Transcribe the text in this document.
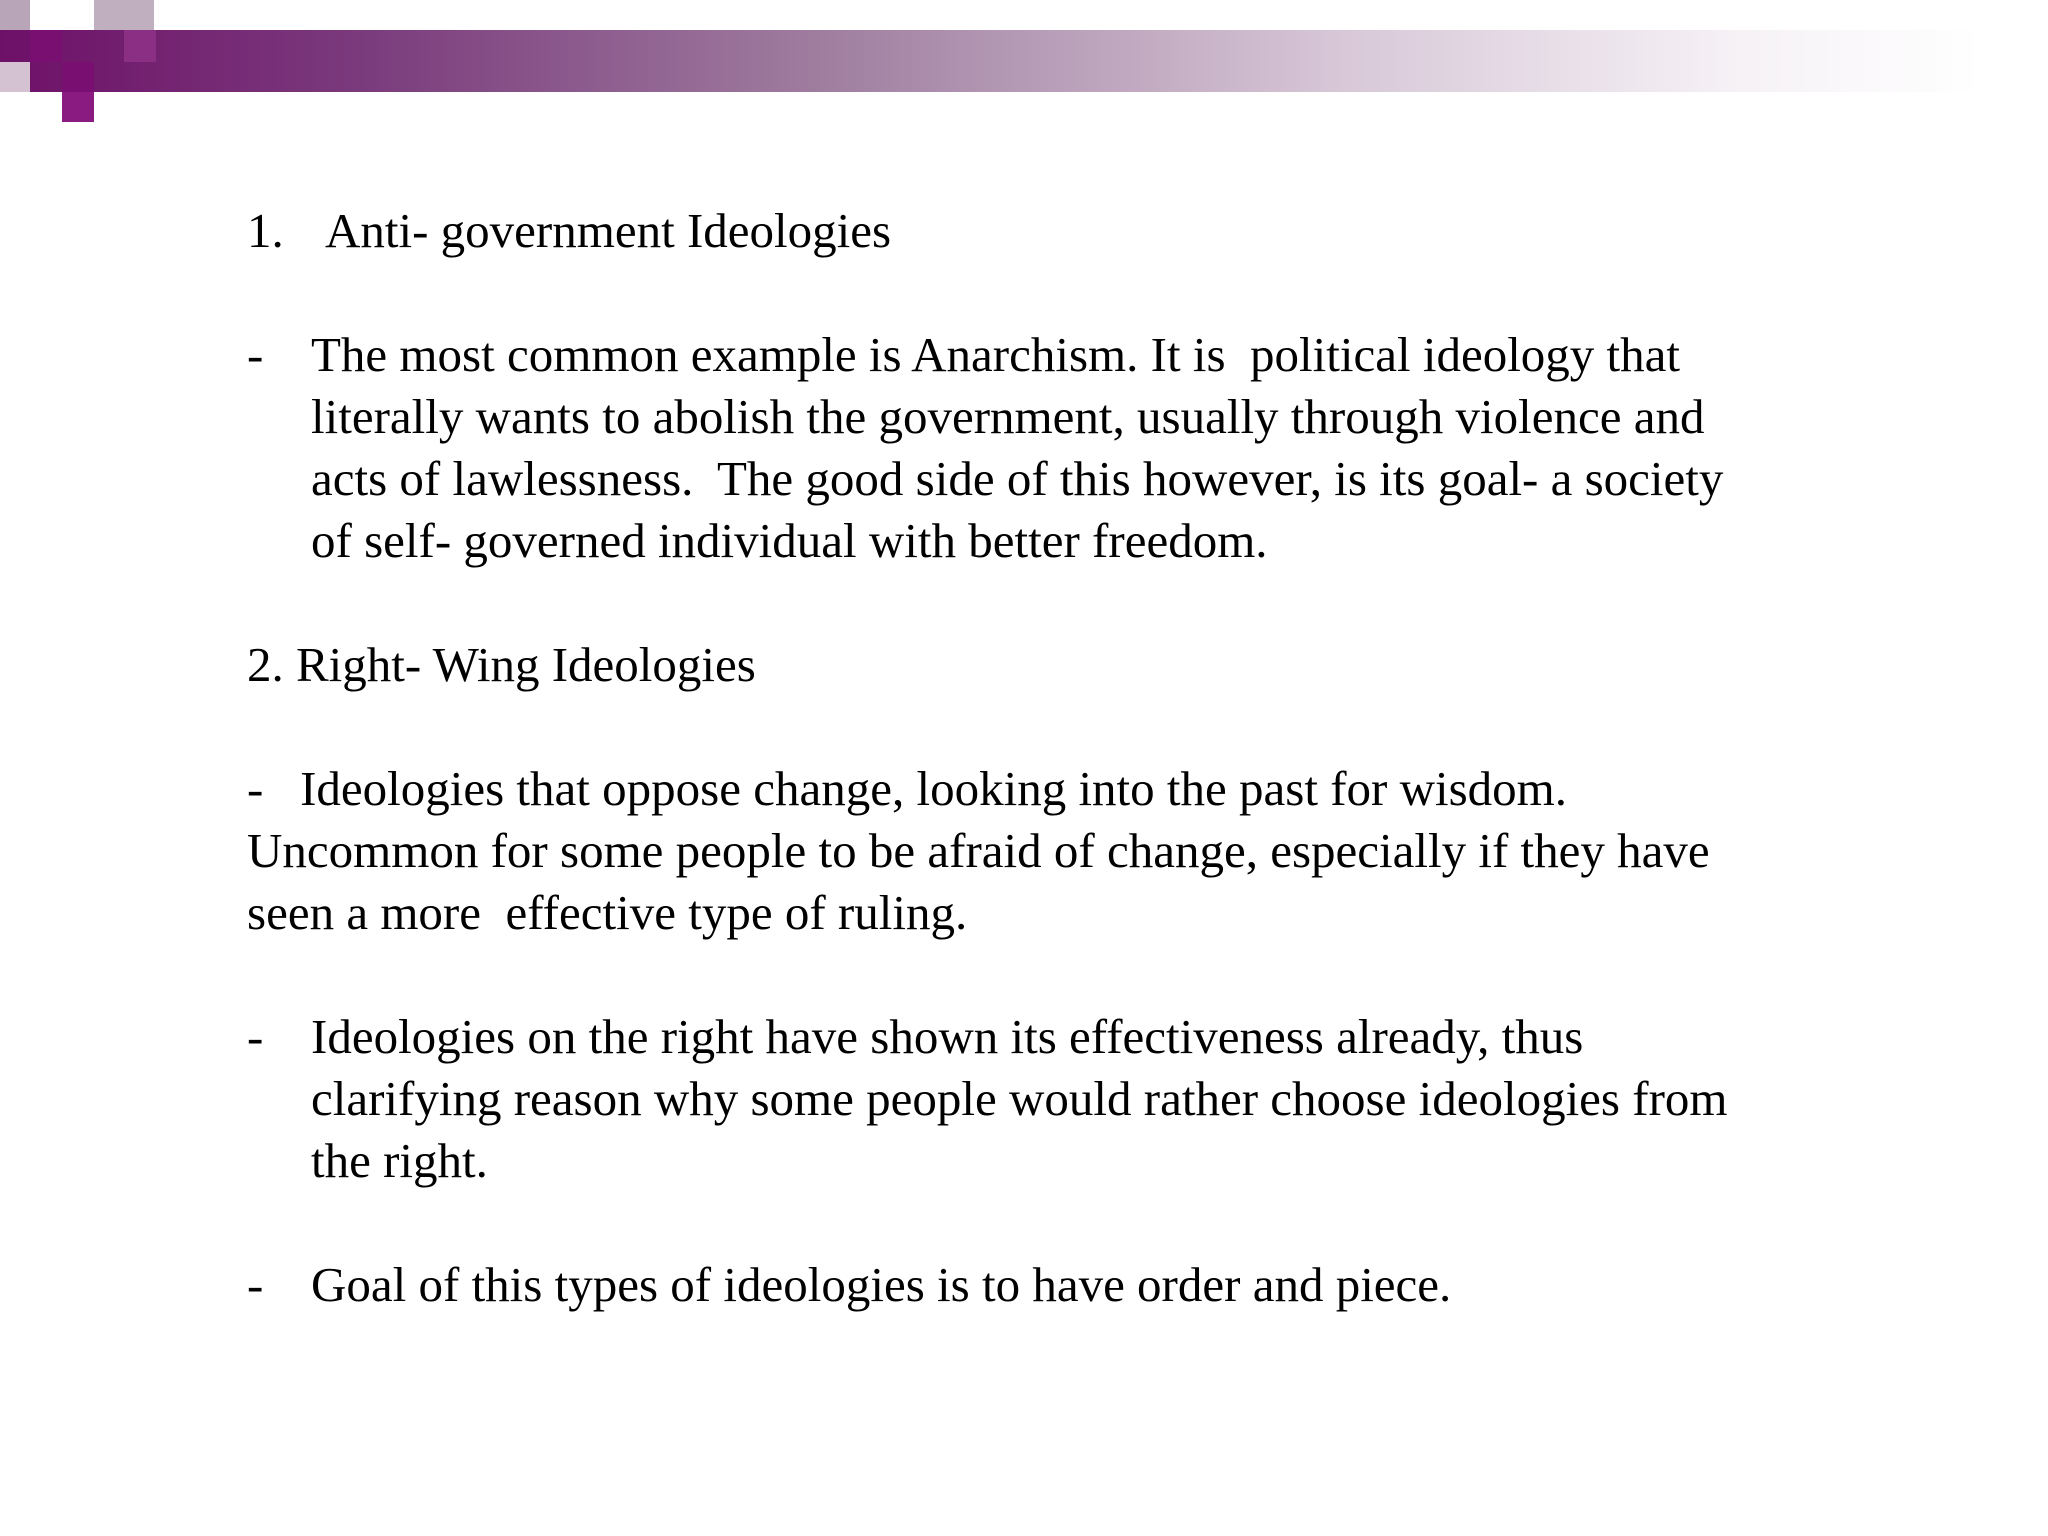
1. Anti- government Ideologies
- The most common example is Anarchism. It is  political ideology that
literally wants to abolish the government, usually through violence and
acts of lawlessness.  The good side of this however, is its goal- a society
of self- governed individual with better freedom.
2. Right- Wing Ideologies
-   Ideologies that oppose change, looking into the past for wisdom.
Uncommon for some people to be afraid of change, especially if they have
seen a more  effective type of ruling.
- Ideologies on the right have shown its effectiveness already, thus
clarifying reason why some people would rather choose ideologies from
the right.
- Goal of this types of ideologies is to have order and piece.
